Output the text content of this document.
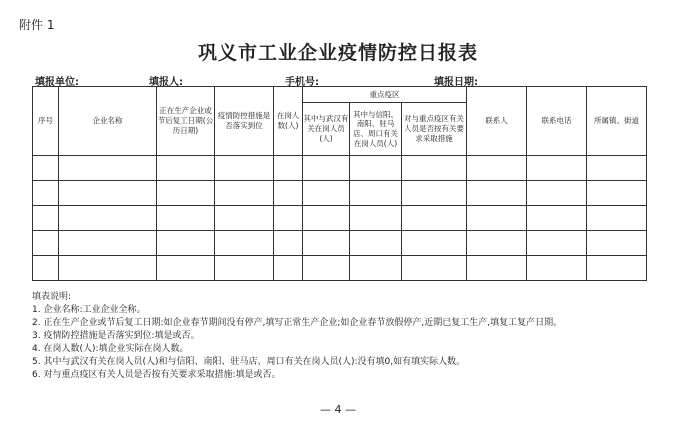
附件 1
巩义市工业企业疫情防控日报表
填报单位:	填报人:	手机号:	填报日期:
序号	企业名称	正在生产企业或节后复工日期(公历日期)	疫情防控措施是否落实到位	在岗人数(人)	重点疫区			联系人	联系电话	所属镇、街道
					其中与武汉有关在岗人员(人)	其中与信阳、南阳、驻马店、周口有关在岗人员(人)	对与重点疫区有关人员是否按有关要求采取措施			

填表说明:
1. 企业名称:工业企业全称。
2. 正在生产企业或节后复工日期:如企业春节期间没有停产,填写正常生产企业;如企业春节放假停产,近期已复工生产,填复工复产日期。
3. 疫情防控措施是否落实到位:填是或否。
4. 在岗人数(人):填企业实际在岗人数。
5. 其中与武汉有关在岗人员(人)和与信阳、南阳、驻马店、周口有关在岗人员(人):没有填0,如有填实际人数。
6. 对与重点疫区有关人员是否按有关要求采取措施:填是或否。
— 4 —
